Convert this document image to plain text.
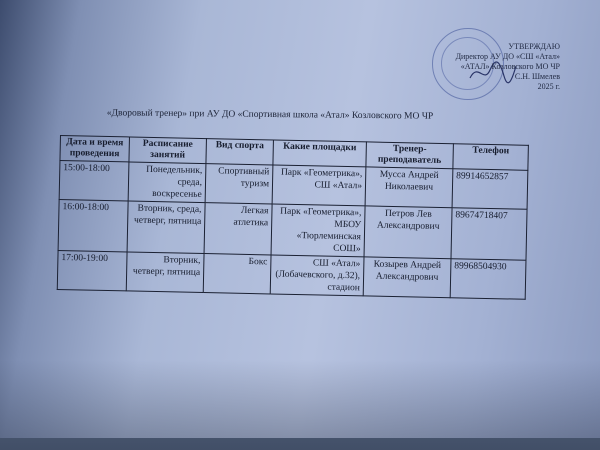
УТВЕРЖДАЮ
Директор АУ ДО «СШ «Атал»
«АТАЛ» Козловского МО ЧР
С.Н. Шмелев
2025 г.
«Дворовый тренер» при АУ ДО «Спортивная школа «Атал» Козловского МО ЧР
Дата и время проведения	Расписание занятий	Вид спорта	Какие площадки	Тренер-преподаватель	Телефон
15:00-18:00	Понедельник, среда, воскресенье	Спортивный туризм	Парк «Геометрика», СШ «Атал»	Мусса Андрей Николаевич	89914652857
16:00-18:00	Вторник, среда, четверг, пятница	Легкая атлетика	Парк «Геометрика», МБОУ «Тюрлеминская СОШ»	Петров Лев Александрович	89674718407
17:00-19:00	Вторник, четверг, пятница	Бокс	СШ «Атал» (Лобачевского, д.32), стадион	Козырев Андрей Александрович	89968504930
